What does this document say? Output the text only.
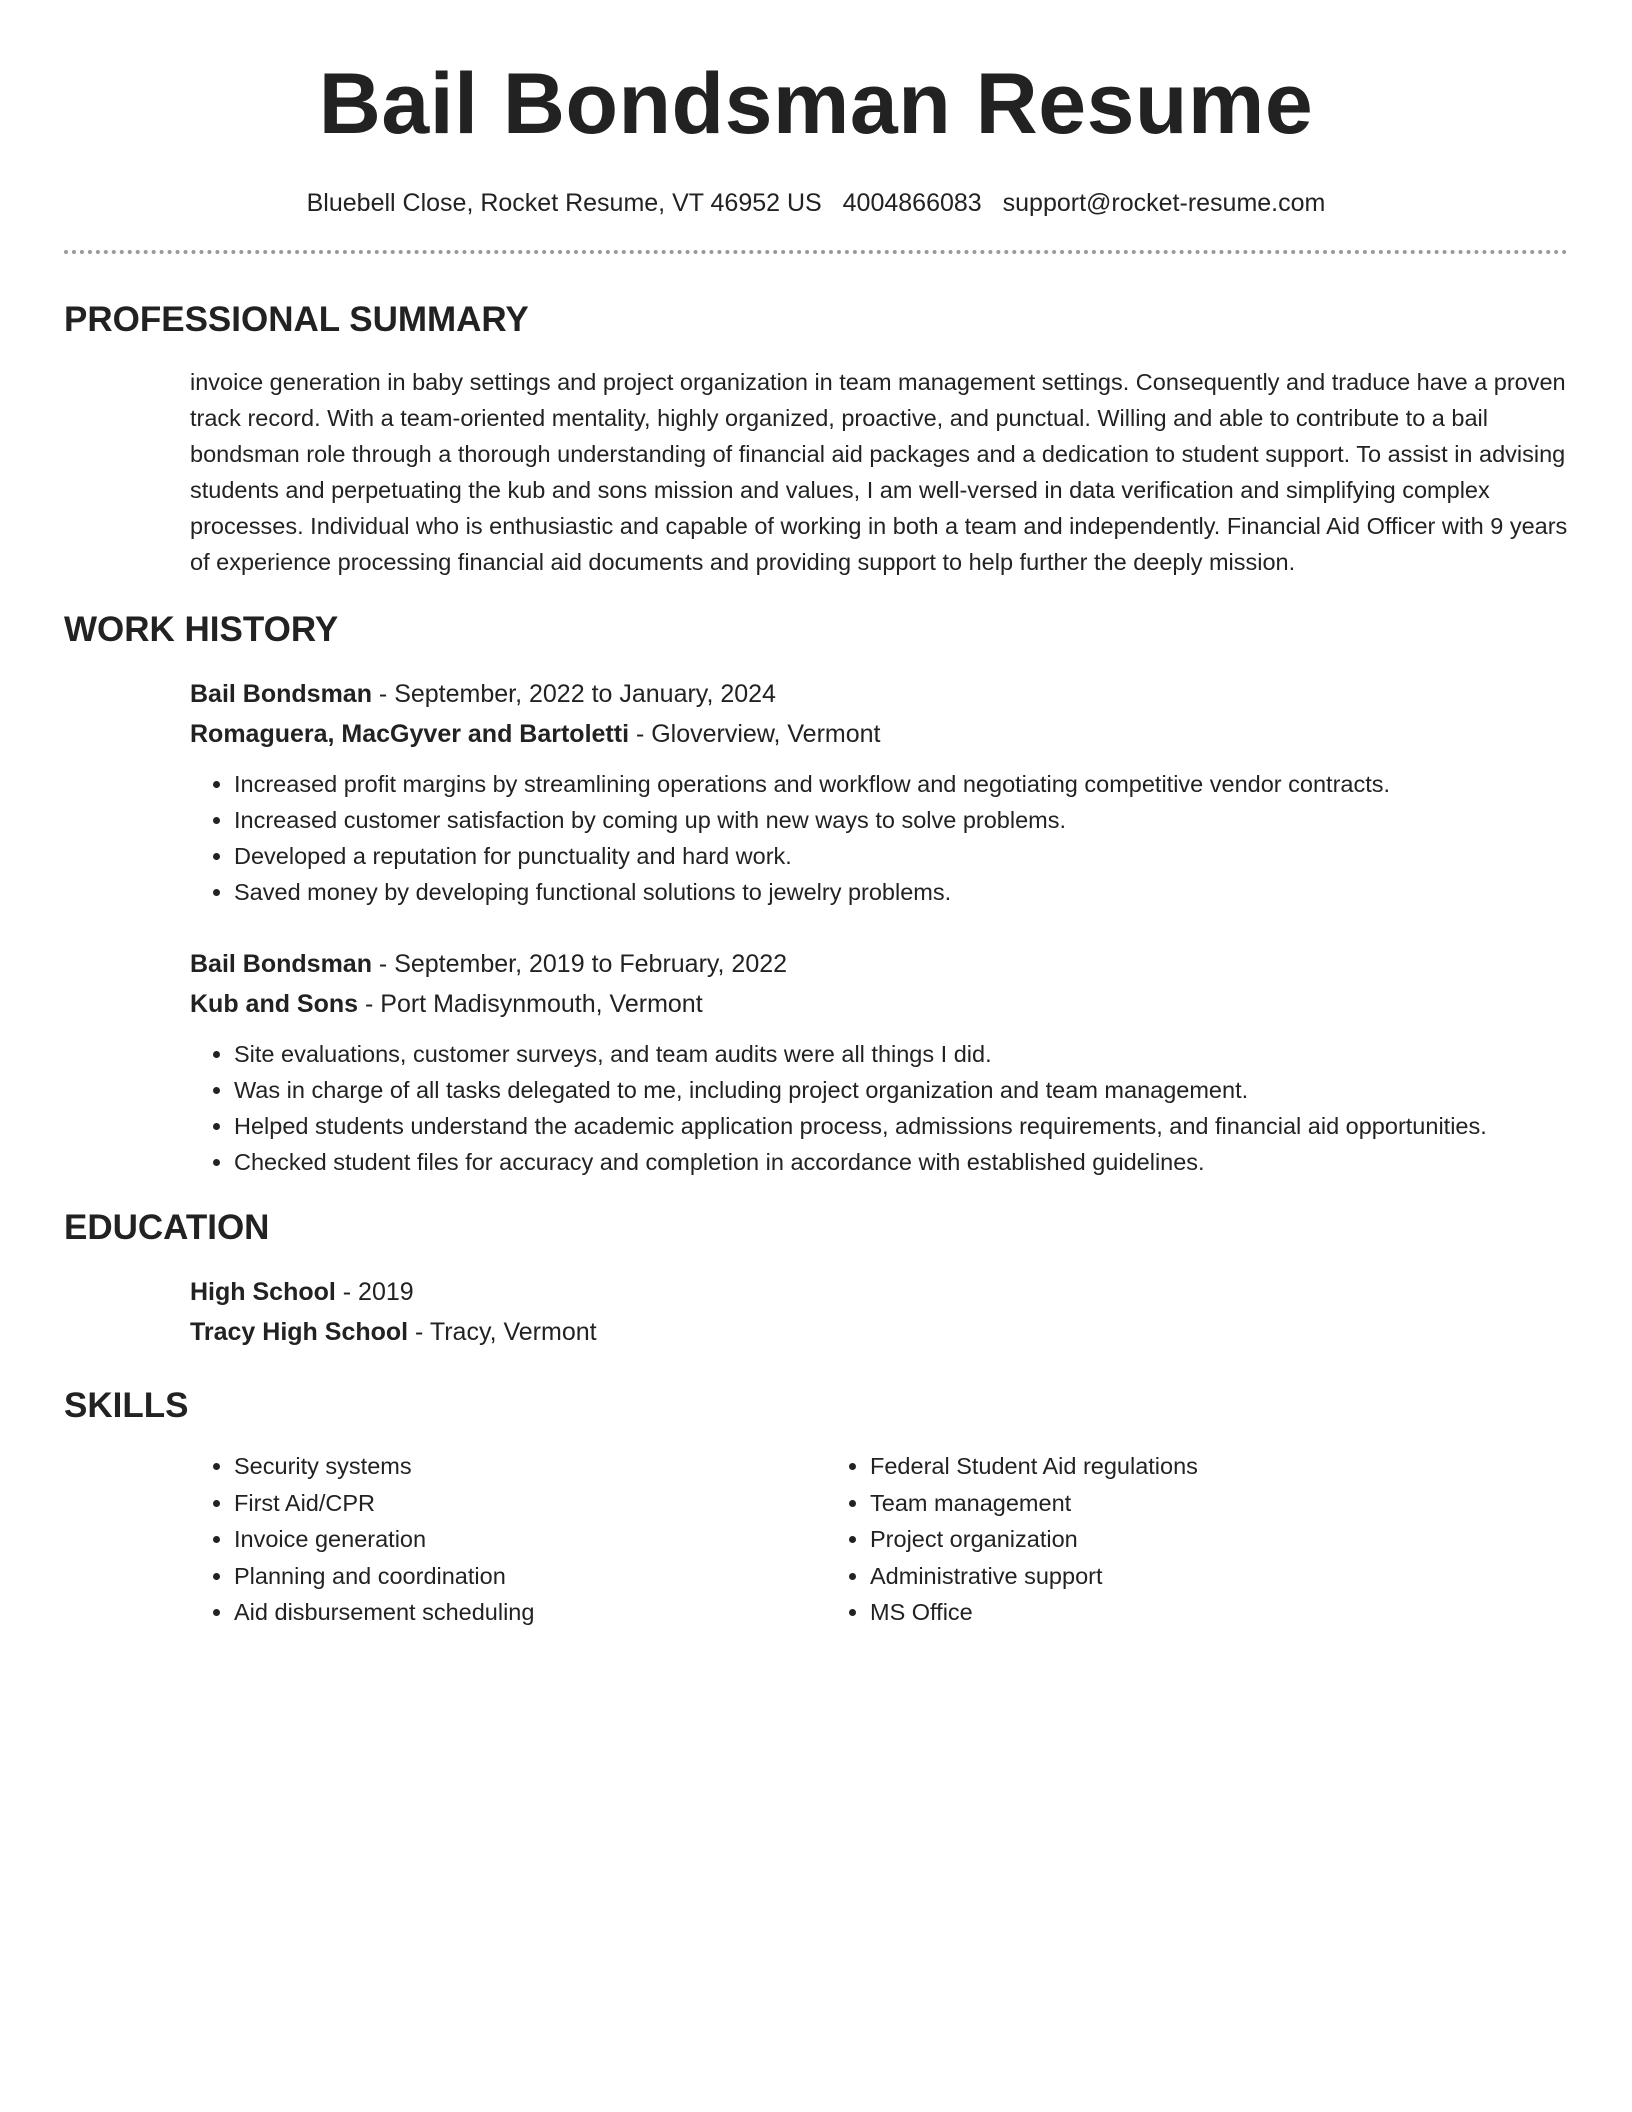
Bail Bondsman Resume
Bluebell Close, Rocket Resume, VT 46952 US 4004866083 support@rocket-resume.com
PROFESSIONAL SUMMARY

invoice generation in baby settings and project organization in team management settings. Consequently and traduce have a proven track record. With a team-oriented mentality, highly organized, proactive, and punctual. Willing and able to contribute to a bail bondsman role through a thorough understanding of financial aid packages and a dedication to student support. To assist in advising students and perpetuating the kub and sons mission and values, I am well-versed in data verification and simplifying complex processes. Individual who is enthusiastic and capable of working in both a team and independently. Financial Aid Officer with 9 years of experience processing financial aid documents and providing support to help further the deeply mission.

WORK HISTORY
Bail Bondsman - September, 2022 to January, 2024
Romaguera, MacGyver and Bartoletti - Gloverview, Vermont
• Increased profit margins by streamlining operations and workflow and negotiating competitive vendor contracts.
• Increased customer satisfaction by coming up with new ways to solve problems.
• Developed a reputation for punctuality and hard work.
• Saved money by developing functional solutions to jewelry problems.
Bail Bondsman - September, 2019 to February, 2022
Kub and Sons - Port Madisynmouth, Vermont
• Site evaluations, customer surveys, and team audits were all things I did.
• Was in charge of all tasks delegated to me, including project organization and team management.
• Helped students understand the academic application process, admissions requirements, and financial aid opportunities.
• Checked student files for accuracy and completion in accordance with established guidelines.
EDUCATION
High School - 2019
Tracy High School - Tracy, Vermont
SKILLS
• Security systems
• First Aid/CPR
• Invoice generation
• Planning and coordination
• Aid disbursement scheduling
• Federal Student Aid regulations
• Team management
• Project organization
• Administrative support
• MS Office
